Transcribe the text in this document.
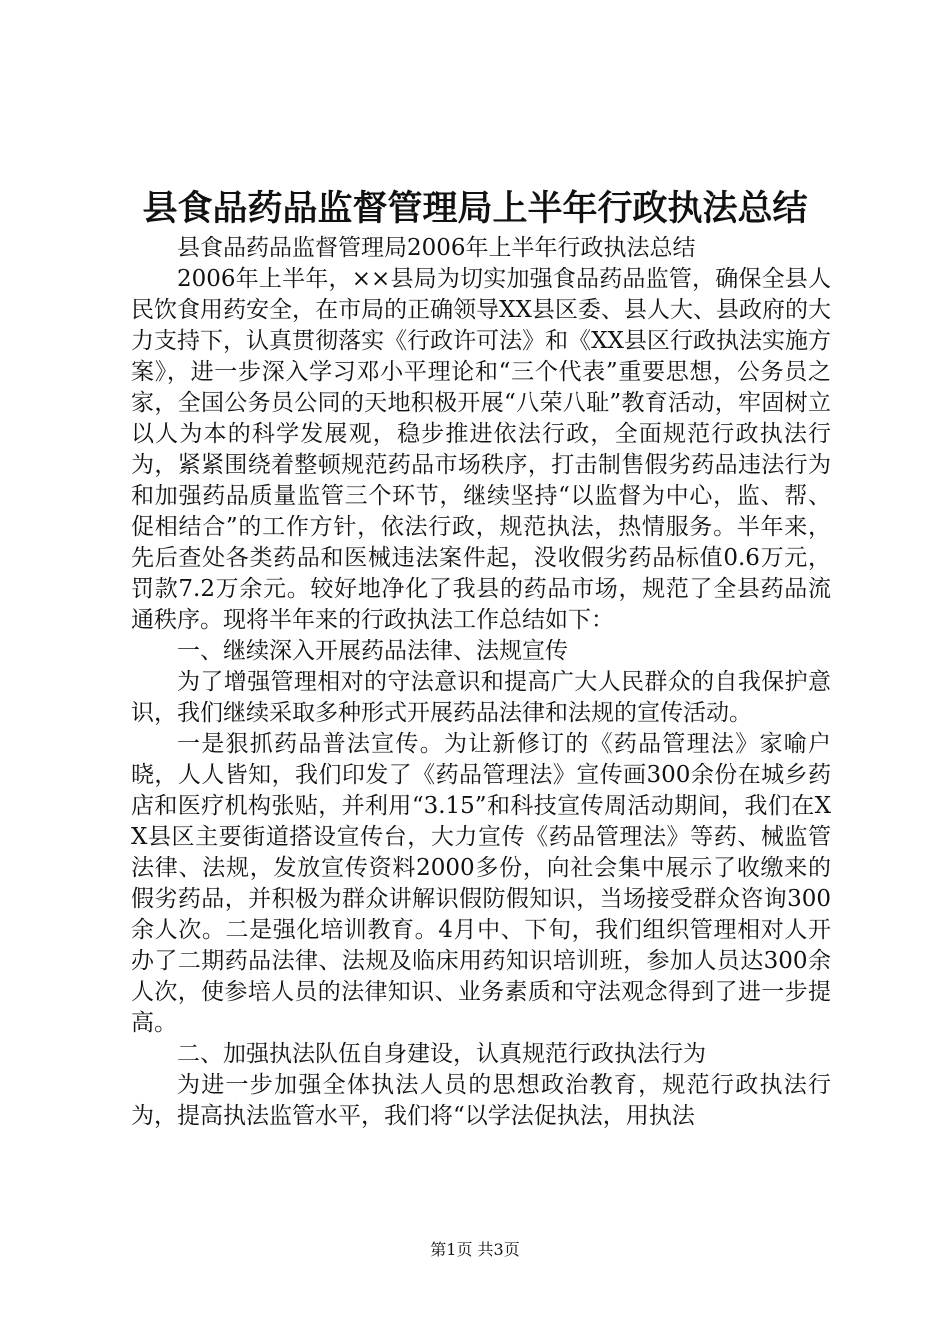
县食品药品监督管理局上半年行政执法总结

县食品药品监督管理局2006年上半年行政执法总结

2006年上半年，××县局为切实加强食品药品监管，确保全县人民饮食用药安全，在市局的正确领导XX县区委、县人大、县政府的大力支持下，认真贯彻落实《行政许可法》和《XX县区行政执法实施方案》，进一步深入学习邓小平理论和“三个代表”重要思想，公务员之家，全国公务员公同的天地积极开展“八荣八耻”教育活动，牢固树立以人为本的科学发展观，稳步推进依法行政，全面规范行政执法行为，紧紧围绕着整顿规范药品市场秩序，打击制售假劣药品违法行为和加强药品质量监管三个环节，继续坚持“以监督为中心，监、帮、促相结合”的工作方针，依法行政，规范执法，热情服务。半年来，先后查处各类药品和医械违法案件起，没收假劣药品标值0.6万元，罚款7.2万余元。较好地净化了我县的药品市场，规范了全县药品流通秩序。现将半年来的行政执法工作总结如下：

一、继续深入开展药品法律、法规宣传

为了增强管理相对的守法意识和提高广大人民群众的自我保护意识，我们继续采取多种形式开展药品法律和法规的宣传活动。

一是狠抓药品普法宣传。为让新修订的《药品管理法》家喻户晓，人人皆知，我们印发了《药品管理法》宣传画300余份在城乡药店和医疗机构张贴，并利用“3.15”和科技宣传周活动期间，我们在XX县区主要街道搭设宣传台，大力宣传《药品管理法》等药、械监管法律、法规，发放宣传资料2000多份，向社会集中展示了收缴来的假劣药品，并积极为群众讲解识假防假知识，当场接受群众咨询300余人次。二是强化培训教育。4月中、下旬，我们组织管理相对人开办了二期药品法律、法规及临床用药知识培训班，参加人员达300余人次，使参培人员的法律知识、业务素质和守法观念得到了进一步提高。

二、加强执法队伍自身建设，认真规范行政执法行为

为进一步加强全体执法人员的思想政治教育，规范行政执法行为，提高执法监管水平，我们将“以学法促执法，用执法

第1页 共3页
